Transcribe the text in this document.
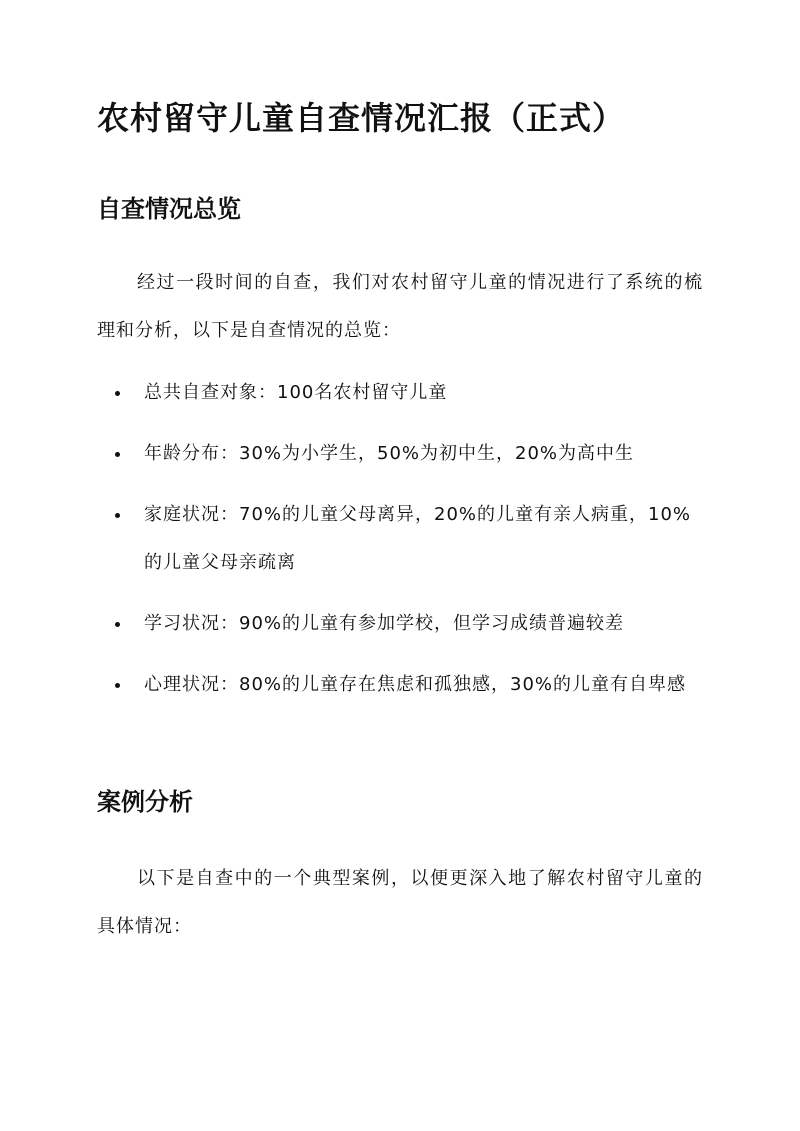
农村留守儿童自查情况汇报（正式）
自查情况总览

经过一段时间的自查，我们对农村留守儿童的情况进行了系统的梳理和分析，以下是自查情况的总览：

总共自查对象：100名农村留守儿童
年龄分布：30%为小学生，50%为初中生，20%为高中生
家庭状况：70%的儿童父母离异，20%的儿童有亲人病重，10%的儿童父母亲疏离
学习状况：90%的儿童有参加学校，但学习成绩普遍较差
心理状况：80%的儿童存在焦虑和孤独感，30%的儿童有自卑感
案例分析

以下是自查中的一个典型案例，以便更深入地了解农村留守儿童的具体情况：
